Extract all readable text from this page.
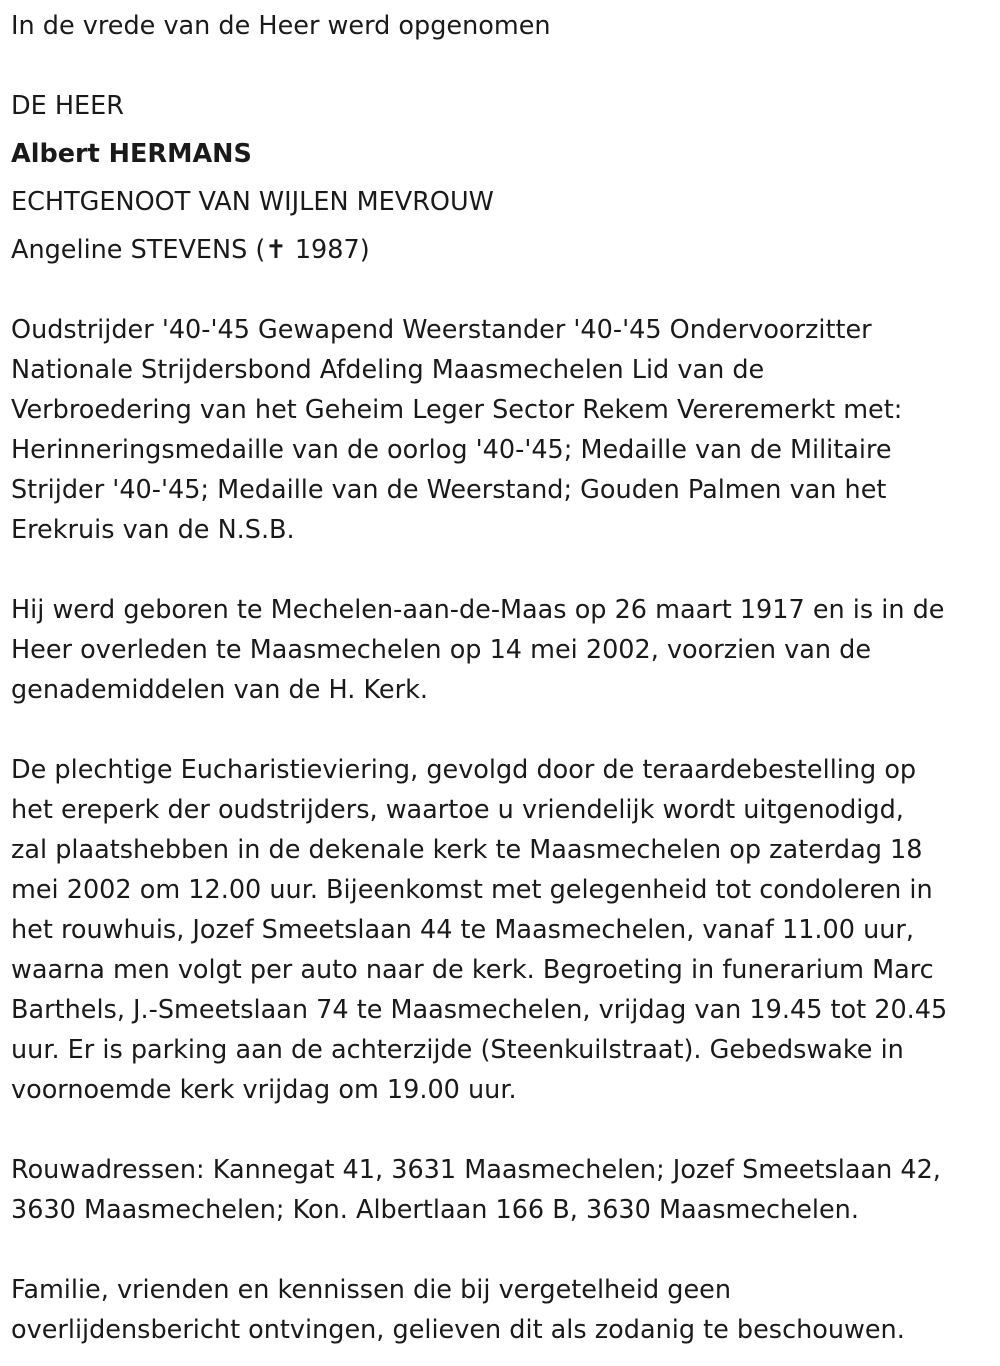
In de vrede van de Heer werd opgenomen

DE HEER

Albert HERMANS

ECHTGENOOT VAN WIJLEN MEVROUW

Angeline STEVENS (✝ 1987)

Oudstrijder '40-'45 Gewapend Weerstander '40-'45 Ondervoorzitter
Nationale Strijdersbond Afdeling Maasmechelen Lid van de
Verbroedering van het Geheim Leger Sector Rekem Vereremerkt met:
Herinneringsmedaille van de oorlog '40-'45; Medaille van de Militaire
Strijder '40-'45; Medaille van de Weerstand; Gouden Palmen van het
Erekruis van de N.S.B.
Hij werd geboren te Mechelen-aan-de-Maas op 26 maart 1917 en is in de
Heer overleden te Maasmechelen op 14 mei 2002, voorzien van de
genademiddelen van de H. Kerk.
De plechtige Eucharistieviering, gevolgd door de teraardebestelling op
het ereperk der oudstrijders, waartoe u vriendelijk wordt uitgenodigd,
zal plaatshebben in de dekenale kerk te Maasmechelen op zaterdag 18
mei 2002 om 12.00 uur. Bijeenkomst met gelegenheid tot condoleren in
het rouwhuis, Jozef Smeetslaan 44 te Maasmechelen, vanaf 11.00 uur,
waarna men volgt per auto naar de kerk. Begroeting in funerarium Marc
Barthels, J.-Smeetslaan 74 te Maasmechelen, vrijdag van 19.45 tot 20.45
uur. Er is parking aan de achterzijde (Steenkuilstraat). Gebedswake in
voornoemde kerk vrijdag om 19.00 uur.
Rouwadressen: Kannegat 41, 3631 Maasmechelen; Jozef Smeetslaan 42,
3630 Maasmechelen; Kon. Albertlaan 166 B, 3630 Maasmechelen.
Familie, vrienden en kennissen die bij vergetelheid geen
overlijdensbericht ontvingen, gelieven dit als zodanig te beschouwen.
